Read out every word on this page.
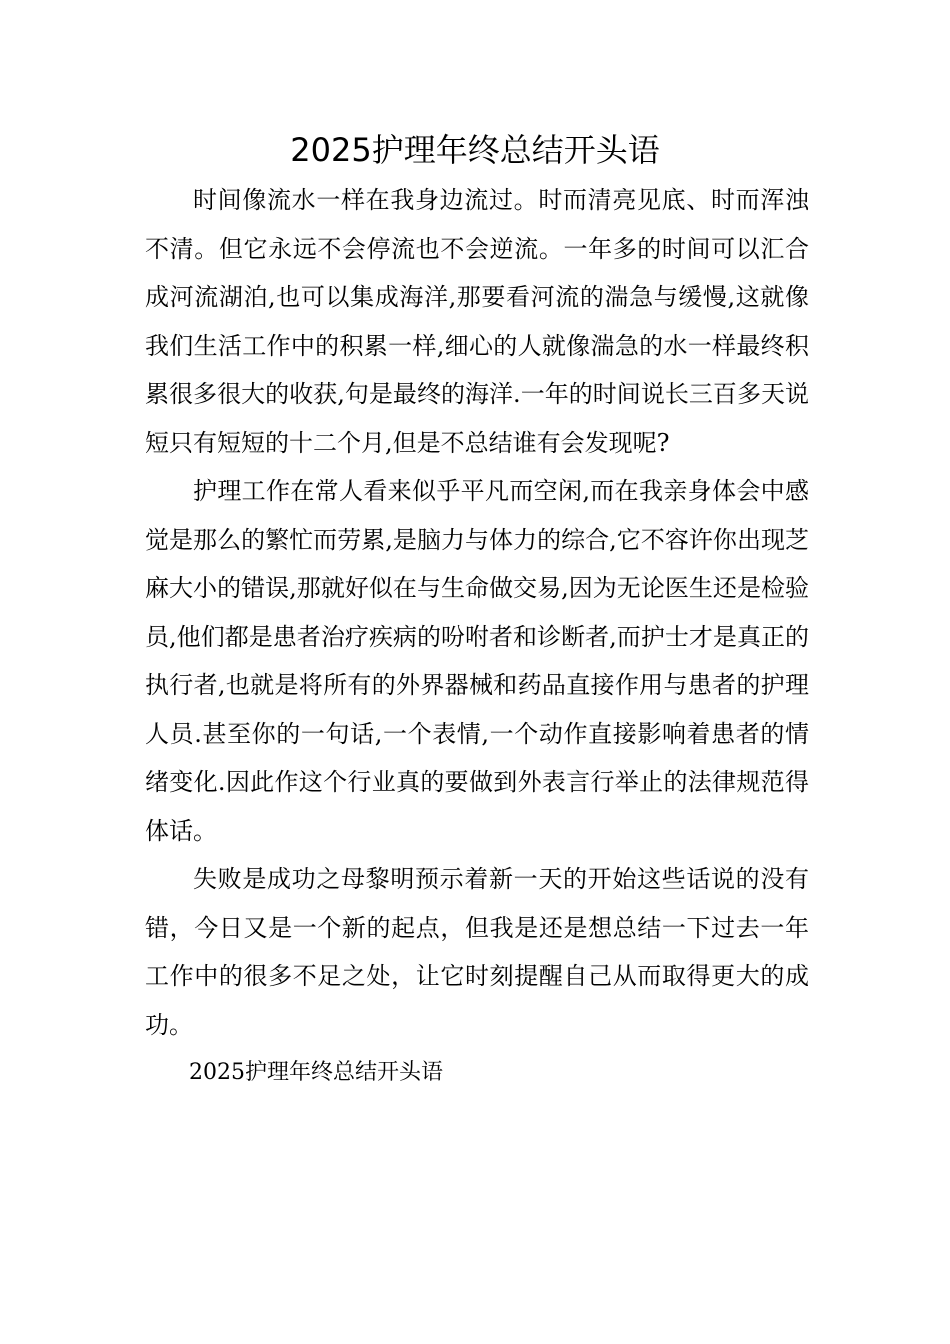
2025护理年终总结开头语

时间像流水一样在我身边流过。时而清亮见底、时而浑浊不清。但它永远不会停流也不会逆流。一年多的时间可以汇合成河流湖泊,也可以集成海洋,那要看河流的湍急与缓慢,这就像我们生活工作中的积累一样,细心的人就像湍急的水一样最终积累很多很大的收获,句是最终的海洋.一年的时间说长三百多天说短只有短短的十二个月,但是不总结谁有会发现呢?

护理工作在常人看来似乎平凡而空闲,而在我亲身体会中感觉是那么的繁忙而劳累,是脑力与体力的综合,它不容许你出现芝麻大小的错误,那就好似在与生命做交易,因为无论医生还是检验员,他们都是患者治疗疾病的吩咐者和诊断者,而护士才是真正的执行者,也就是将所有的外界器械和药品直接作用与患者的护理人员.甚至你的一句话,一个表情,一个动作直接影响着患者的情绪变化.因此作这个行业真的要做到外表言行举止的法律规范得体话。

失败是成功之母黎明预示着新一天的开始这些话说的没有错，今日又是一个新的起点，但我是还是想总结一下过去一年工作中的很多不足之处，让它时刻提醒自己从而取得更大的成功。

2025护理年终总结开头语
